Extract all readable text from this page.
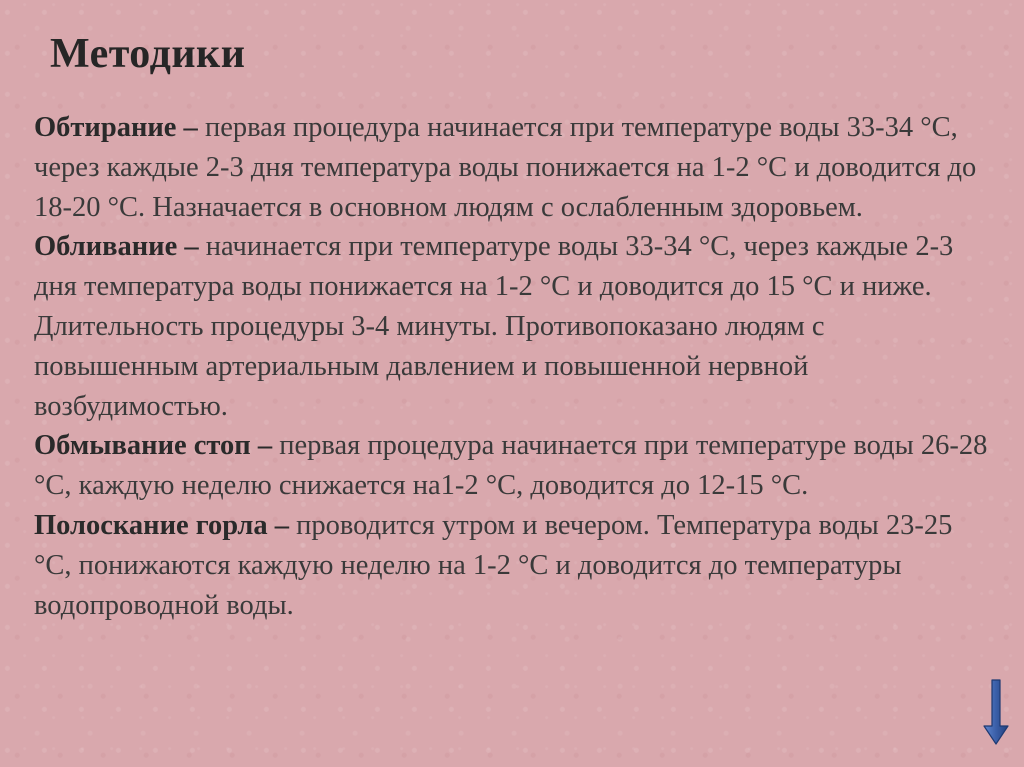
Методики

Обтирание – первая процедура начинается при температуре воды 33-34 °С, через каждые 2-3 дня температура воды понижается на 1-2 °С и доводится до 18-20 °С. Назначается в основном людям с ослабленным здоровьем.

Обливание – начинается при температуре воды 33-34 °С, через каждые 2-3 дня температура воды понижается на 1-2 °С и доводится до 15 °С и ниже. Длительность процедуры 3-4 минуты. Противопоказано людям с повышенным артериальным давлением и повышенной нервной возбудимостью.

Обмывание стоп – первая процедура начинается при температуре воды 26-28 °С, каждую неделю снижается на1-2 °С, доводится до 12-15 °С.

Полоскание горла – проводится утром и вечером. Температура воды 23-25 °С, понижаются каждую неделю на 1-2 °С и доводится до температуры водопроводной воды.
